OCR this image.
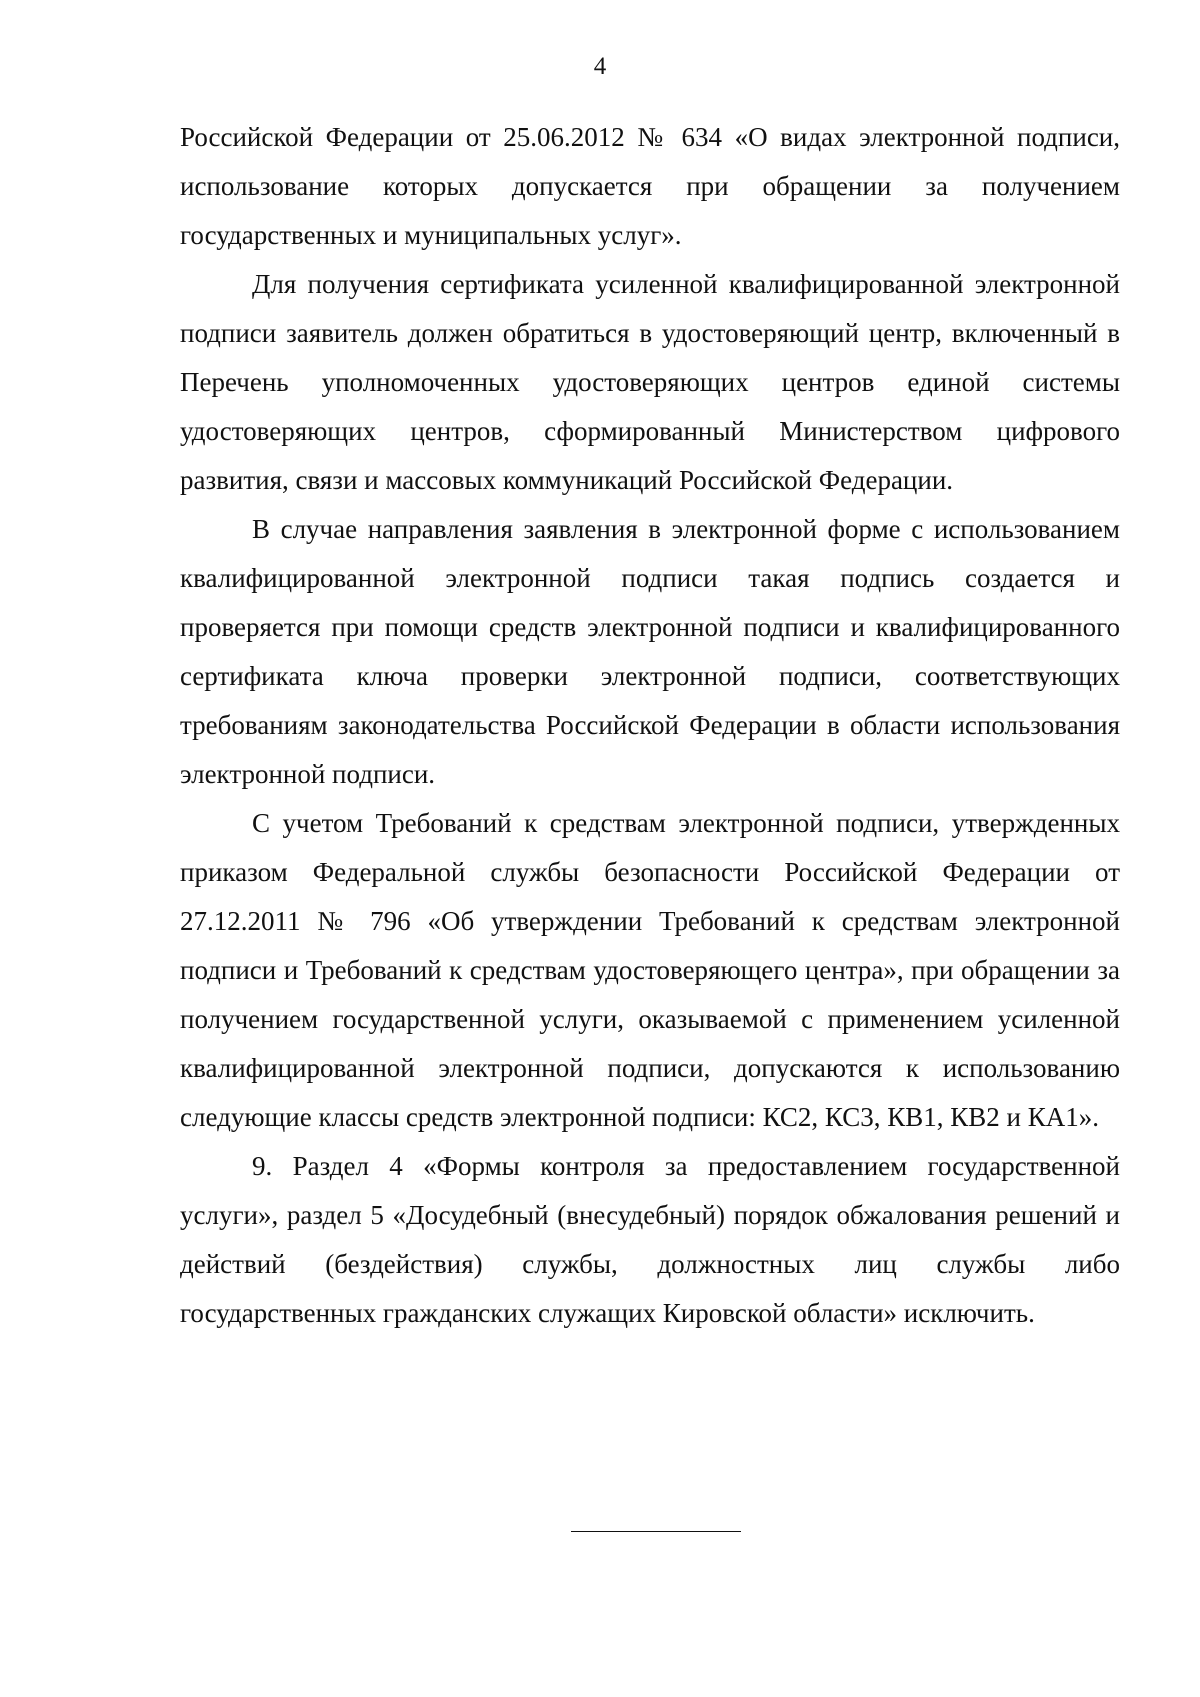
4

Российской Федерации от 25.06.2012 № 634 «О видах электронной подписи, использование которых допускается при обращении за получением государственных и муниципальных услуг».

Для получения сертификата усиленной квалифицированной электронной подписи заявитель должен обратиться в удостоверяющий центр, включенный в Перечень уполномоченных удостоверяющих центров единой системы удостоверяющих центров, сформированный Министерством цифрового развития, связи и массовых коммуникаций Российской Федерации.

В случае направления заявления в электронной форме с использованием квалифицированной электронной подписи такая подпись создается и проверяется при помощи средств электронной подписи и квалифицированного сертификата ключа проверки электронной подписи, соответствующих требованиям законодательства Российской Федерации в области использования электронной подписи.

С учетом Требований к средствам электронной подписи, утвержденных приказом Федеральной службы безопасности Российской Федерации от 27.12.2011 № 796 «Об утверждении Требований к средствам электронной подписи и Требований к средствам удостоверяющего центра», при обращении за получением государственной услуги, оказываемой с применением усиленной квалифицированной электронной подписи, допускаются к использованию следующие классы средств электронной подписи: КС2, КС3, КВ1, КВ2 и КА1».

9. Раздел 4 «Формы контроля за предоставлением государственной услуги», раздел 5 «Досудебный (внесудебный) порядок обжалования решений и действий (бездействия) службы, должностных лиц службы либо государственных гражданских служащих Кировской области» исключить.
